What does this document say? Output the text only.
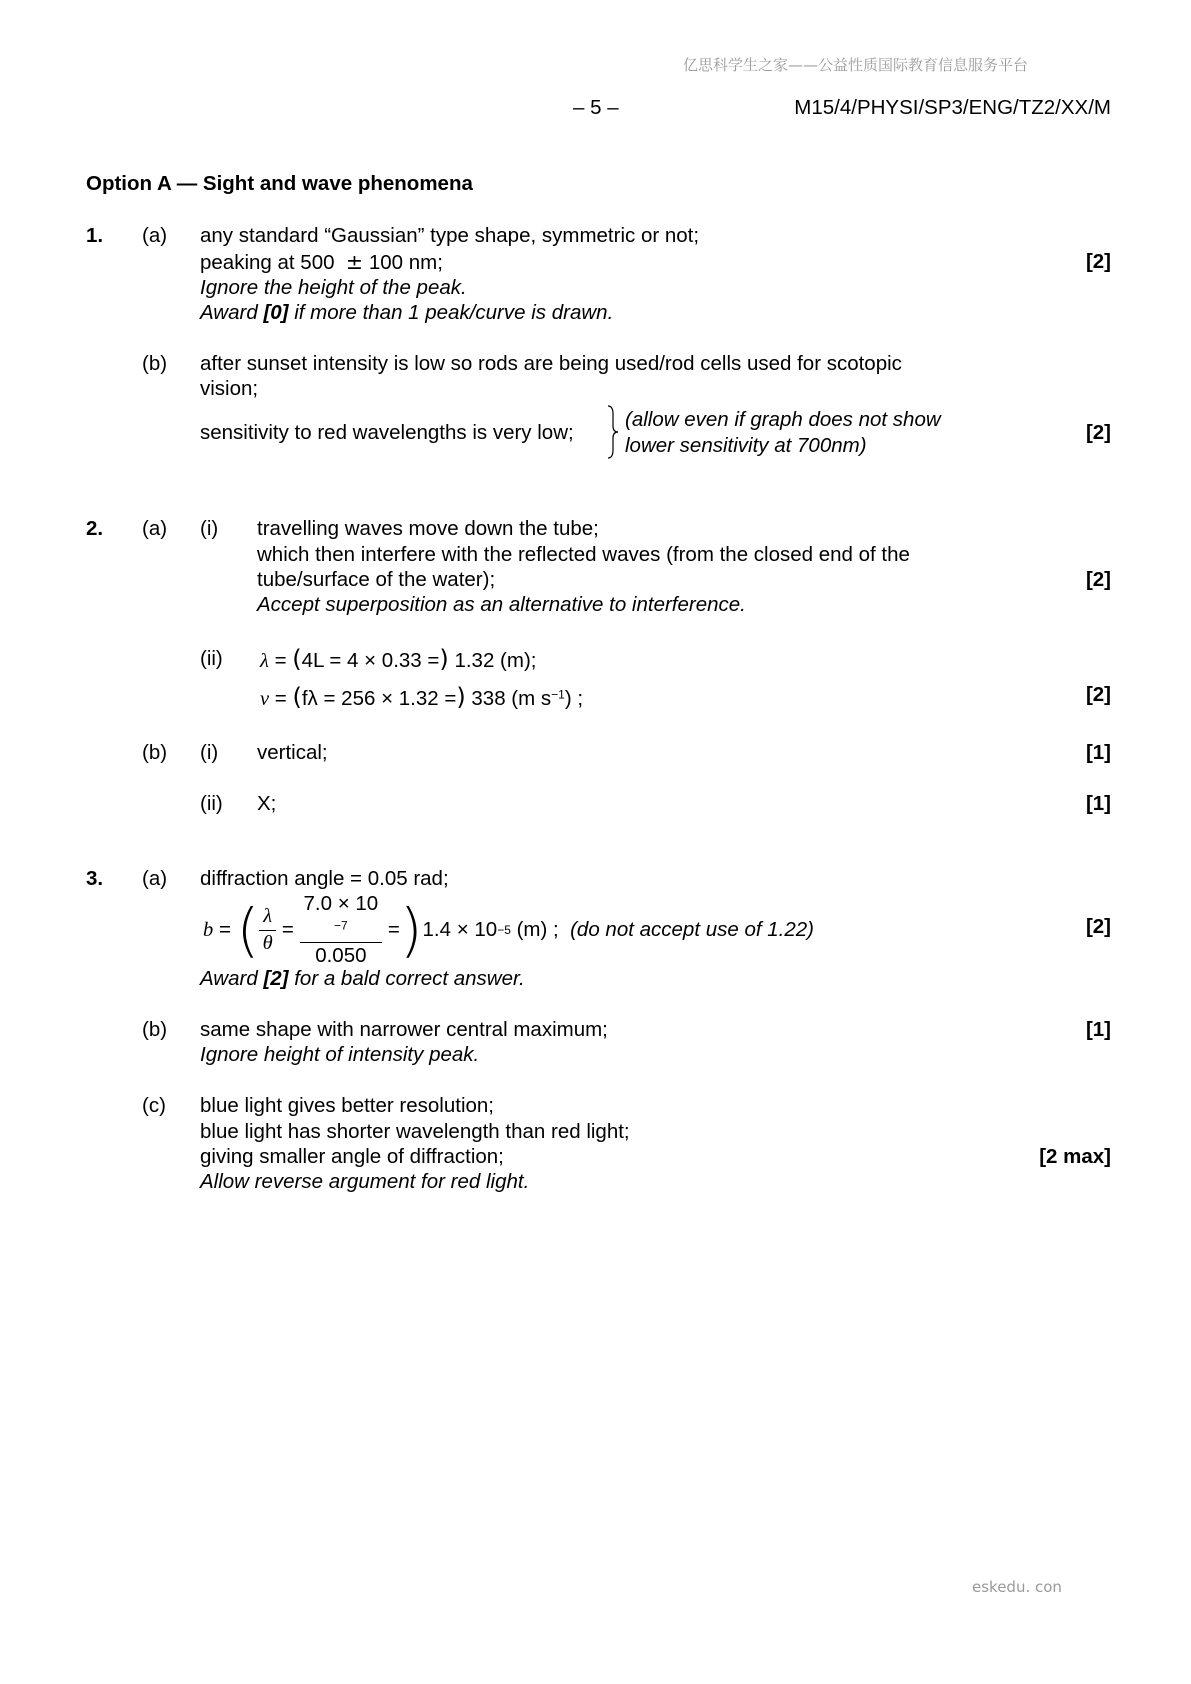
亿思科学生之家——公益性质国际教育信息服务平台
eskedu. con
– 5 –	M15/4/PHYSI/SP3/ENG/TZ2/XX/M
Option A — Sight and wave phenomena
1. (a) any standard “Gaussian” type shape, symmetric or not;
peaking at 500 ± 100 nm;
Ignore the height of the peak.
Award [0] if more than 1 peak/curve is drawn.
[2]
(b) after sunset intensity is low so rods are being used/rod cells used for scotopic
vision;
sensitivity to red wavelengths is very low;
(allow even if graph does not show
lower sensitivity at 700nm)
[2]
2. (a) (i) travelling waves move down the tube;
which then interfere with the reflected waves (from the closed end of the
tube/surface of the water);
Accept superposition as an alternative to interference.
[2]
(ii) λ = (4L = 4 × 0.33 =) 1.32 (m);
v = (fλ = 256 × 1.32 =) 338 (m $s^{-1}$) ;	[2]
(b) (i) vertical;	[1]
(ii) X;	[1]
3. (a) diffraction angle = 0.05 rad;
b = ( $\frac{\lambda}{\theta} = 7.0 \times 10$
$^{-7}$
0.050 = ) 1.4 × 10 −5
(m) ;
(do not accept use of 1.22)	[2]
Award [2] for a bald correct answer.
(b) same shape with narrower central maximum;
Ignore height of intensity peak.
[1]
(c) blue light gives better resolution;
blue light has shorter wavelength than red light;
giving smaller angle of diffraction;
Allow reverse argument for red light.
[2 max]
